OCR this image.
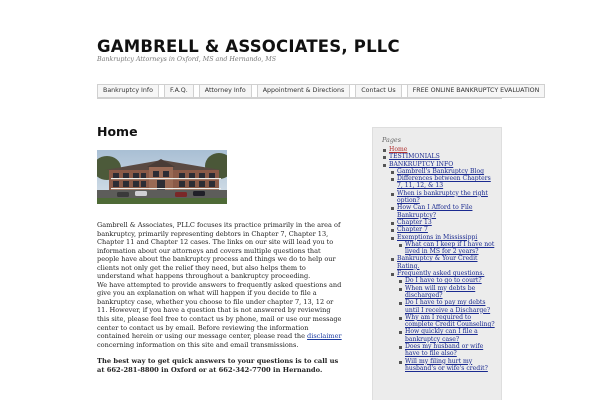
GAMBRELL & ASSOCIATES, PLLC
Bankruptcy Attorneys in Oxford, MS and Hernando, MS
Bankruptcy Info	F.A.Q.	Attorney Info	Appointment & Directions	Contact Us	FREE ONLINE BANKRUPTCY EVALUATION
Home

Gambrell & Associates, PLLC focuses its practice primarily in the area of bankruptcy, primarily representing debtors in Chapter 7, Chapter 13, Chapter 11 and Chapter 12 cases. The links on our site will lead you to information about our attorneys and covers multiple questions that people have about the bankruptcy process and things we do to help our clients not only get the relief they need, but also helps them to understand what happens throughout a bankruptcy proceeding.
We have attempted to provide answers to frequently asked questions and give you an explanation on what will happen if you decide to file a bankruptcy case, whether you choose to file under chapter 7, 13, 12 or 11. However, if you have a question that is not answered by reviewing this site, please feel free to contact us by phone, mail or use our message center to contact us by email. Before reviewing the information contained herein or using our message center, please read the disclaimer concerning information on this site and email transmissions.

The best way to get quick answers to your questions is to call us at 662-281-8800 in Oxford or at 662-342-7700 in Hernando.

Pages
Home
TESTIMONIALS
BANKRUPTCY INFO
Gambrell's Bankruptcy Blog
Differences between Chapters 7, 11, 12, & 13
When is bankruptcy the right option?
How Can I Afford to File Bankruptcy?
Chapter 13
Chapter 7
Exemptions in Mississippi
What can I keep if I have not lived in MS for 2 years?
Bankruptcy & Your Credit Rating.
Frequently asked questions.
Do I have to go to court?
When will my debts be discharged?
Do I have to pay my debts until I receive a Discharge?
Why am I required to complete Credit Counseling?
How quickly can I file a bankruptcy case?
Does my husband or wife have to file also?
Will my filing hurt my husband's or wife's credit?
